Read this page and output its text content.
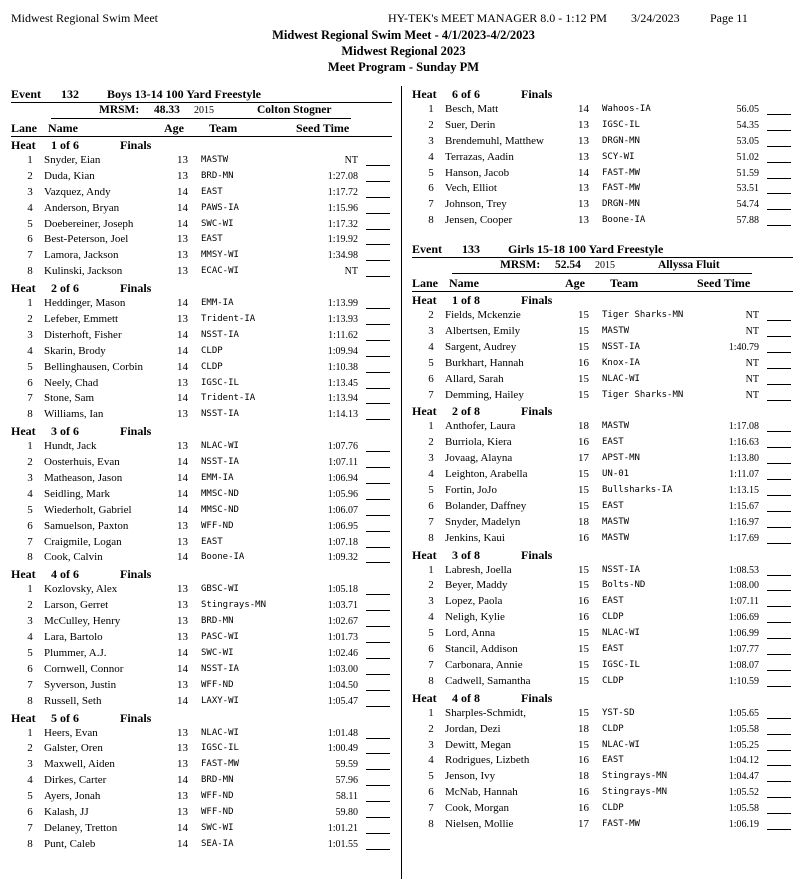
Midwest Regional Swim Meet	HY-TEK's MEET MANAGER 8.0 - 1:12 PM 3/24/2023	Page 11
Midwest Regional Swim Meet - 4/1/2023-4/2/2023
Midwest Regional 2023
Meet Program - Sunday PM
Event 132 Boys 13-14 100 Yard Freestyle
MRSM: 48.33 2015	Colton Stogner
Lane Name	Age Team	Seed Time
Heat 1 of 6	Finals
1 Snyder, Eian	13 MASTW	NT
2 Duda, Kian	13 BRD-MN	1:27.08
3 Vazquez, Andy	14 EAST	1:17.72
4 Anderson, Bryan	14 PAWS-IA	1:15.96
5 Doebereiner, Joseph	14 SWC-WI	1:17.32
6 Best-Peterson, Joel	13 EAST	1:19.92
7 Lamora, Jackson	13 MMSY-WI	1:34.98
8 Kulinski, Jackson	13 ECAC-WI	NT
Heat 2 of 6	Finals
1 Heddinger, Mason	14 EMM-IA	1:13.99
2 Lefeber, Emmett	13 Trident-IA	1:13.93
3 Disterhoft, Fisher	14 NSST-IA	1:11.62
4 Skarin, Brody	14 CLDP	1:09.94
5 Bellinghausen, Corbin	14 CLDP	1:10.38
6 Neely, Chad	13 IGSC-IL	1:13.45
7 Stone, Sam	14 Trident-IA	1:13.94
8 Williams, Ian	13 NSST-IA	1:14.13
Heat 3 of 6	Finals
1 Hundt, Jack	13 NLAC-WI	1:07.76
2 Oosterhuis, Evan	14 NSST-IA	1:07.11
3 Matheason, Jason	14 EMM-IA	1:06.94
4 Seidling, Mark	14 MMSC-ND	1:05.96
5 Wiederholt, Gabriel	14 MMSC-ND	1:06.07
6 Samuelson, Paxton	13 WFF-ND	1:06.95
7 Craigmile, Logan	13 EAST	1:07.18
8 Cook, Calvin	14 Boone-IA	1:09.32
Heat 4 of 6	Finals
1 Kozlovsky, Alex	13 GBSC-WI	1:05.18
2 Larson, Gerret	13 Stingrays-MN	1:03.71
3 McCulley, Henry	13 BRD-MN	1:02.67
4 Lara, Bartolo	13 PASC-WI	1:01.73
5 Plummer, A.J.	14 SWC-WI	1:02.46
6 Cornwell, Connor	14 NSST-IA	1:03.00
7 Syverson, Justin	13 WFF-ND	1:04.50
8 Russell, Seth	14 LAXY-WI	1:05.47
Heat 5 of 6	Finals
1 Heers, Evan	13 NLAC-WI	1:01.48
2 Galster, Oren	13 IGSC-IL	1:00.49
3 Maxwell, Aiden	13 FAST-MW	59.59
4 Dirkes, Carter	14 BRD-MN	57.96
5 Ayers, Jonah	13 WFF-ND	58.11
6 Kalash, JJ	13 WFF-ND	59.80
7 Delaney, Tretton	14 SWC-WI	1:01.21
8 Punt, Caleb	14 SEA-IA	1:01.55
Heat 6 of 6	Finals
1 Besch, Matt	14 Wahoos-IA	56.05
2 Suer, Derin	13 IGSC-IL	54.35
3 Brendemuhl, Matthew	13 DRGN-MN	53.05
4 Terrazas, Aadin	13 SCY-WI	51.02
5 Hanson, Jacob	14 FAST-MW	51.59
6 Vech, Elliot	13 FAST-MW	53.51
7 Johnson, Trey	13 DRGN-MN	54.74
8 Jensen, Cooper	13 Boone-IA	57.88
Event 133 Girls 15-18 100 Yard Freestyle
MRSM: 52.54 2015	Allyssa Fluit
Lane Name	Age Team	Seed Time
Heat 1 of 8	Finals
2 Fields, Mckenzie	15 Tiger Sharks-MN	NT
3 Albertsen, Emily	15 MASTW	NT
4 Sargent, Audrey	15 NSST-IA	1:40.79
5 Burkhart, Hannah	16 Knox-IA	NT
6 Allard, Sarah	15 NLAC-WI	NT
7 Demming, Hailey	15 Tiger Sharks-MN	NT
Heat 2 of 8	Finals
1 Anthofer, Laura	18 MASTW	1:17.08
2 Burriola, Kiera	16 EAST	1:16.63
3 Jovaag, Alayna	17 APST-MN	1:13.80
4 Leighton, Arabella	15 UN-01	1:11.07
5 Fortin, JoJo	15 Bullsharks-IA	1:13.15
6 Bolander, Daffney	15 EAST	1:15.67
7 Snyder, Madelyn	18 MASTW	1:16.97
8 Jenkins, Kaui	16 MASTW	1:17.69
Heat 3 of 8	Finals
1 Labresh, Joella	15 NSST-IA	1:08.53
2 Beyer, Maddy	15 Bolts-ND	1:08.00
3 Lopez, Paola	16 EAST	1:07.11
4 Neligh, Kylie	16 CLDP	1:06.69
5 Lord, Anna	15 NLAC-WI	1:06.99
6 Stancil, Addison	15 EAST	1:07.77
7 Carbonara, Annie	15 IGSC-IL	1:08.07
8 Cadwell, Samantha	15 CLDP	1:10.59
Heat 4 of 8	Finals
1 Sharples-Schmidt,	15 YST-SD	1:05.65
2 Jordan, Dezi	18 CLDP	1:05.58
3 Dewitt, Megan	15 NLAC-WI	1:05.25
4 Rodrigues, Lizbeth	16 EAST	1:04.12
5 Jenson, Ivy	18 Stingrays-MN	1:04.47
6 McNab, Hannah	16 Stingrays-MN	1:05.52
7 Cook, Morgan	16 CLDP	1:05.58
8 Nielsen, Mollie	17 FAST-MW	1:06.19
